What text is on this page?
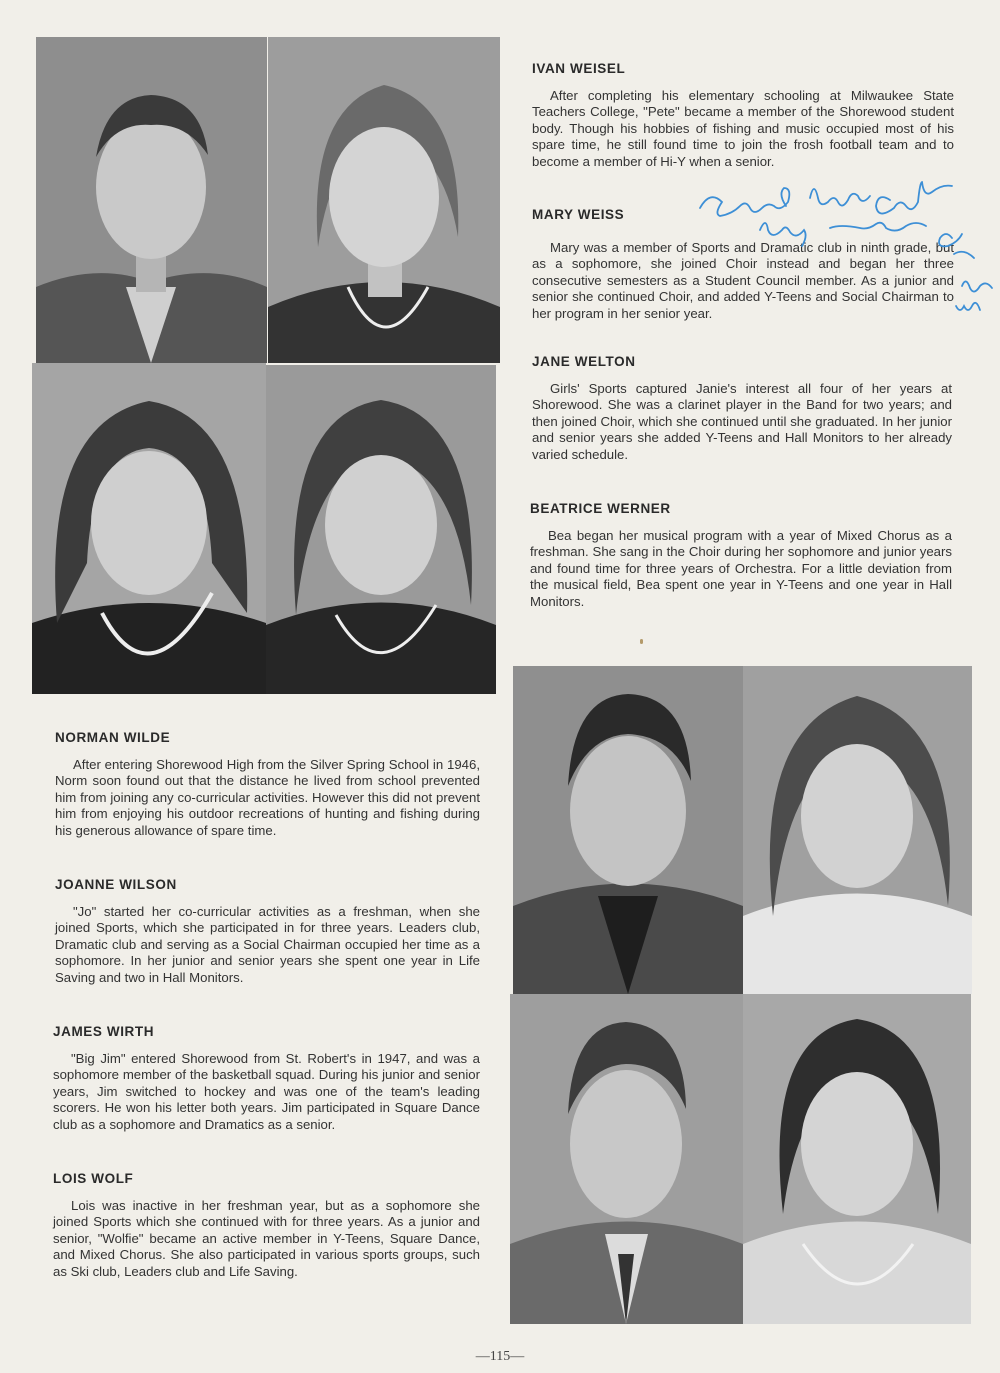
IVAN WEISEL

After completing his elementary schooling at Milwaukee State Teachers College, "Pete" became a member of the Shorewood student body. Though his hobbies of fishing and music occupied most of his spare time, he still found time to join the frosh football team and to become a member of Hi-Y when a senior.

MARY WEISS

Mary was a member of Sports and Dramatic club in ninth grade, but as a sophomore, she joined Choir instead and began her three consecutive semesters as a Student Council member. As a junior and senior she continued Choir, and added Y-Teens and Social Chairman to her program in her senior year.

JANE WELTON

Girls' Sports captured Janie's interest all four of her years at Shorewood. She was a clarinet player in the Band for two years; and then joined Choir, which she continued until she graduated. In her junior and senior years she added Y-Teens and Hall Monitors to her already varied schedule.

BEATRICE WERNER

Bea began her musical program with a year of Mixed Chorus as a freshman. She sang in the Choir during her sophomore and junior years and found time for three years of Orchestra. For a little deviation from the musical field, Bea spent one year in Y-Teens and one year in Hall Monitors.

NORMAN WILDE

After entering Shorewood High from the Silver Spring School in 1946, Norm soon found out that the distance he lived from school prevented him from joining any co-curricular activities. However this did not prevent him from enjoying his outdoor recreations of hunting and fishing during his generous allowance of spare time.

JOANNE WILSON

"Jo" started her co-curricular activities as a freshman, when she joined Sports, which she participated in for three years. Leaders club, Dramatic club and serving as a Social Chairman occupied her time as a sophomore. In her junior and senior years she spent one year in Life Saving and two in Hall Monitors.

JAMES WIRTH

"Big Jim" entered Shorewood from St. Robert's in 1947, and was a sophomore member of the basketball squad. During his junior and senior years, Jim switched to hockey and was one of the team's leading scorers. He won his letter both years. Jim participated in Square Dance club as a sophomore and Dramatics as a senior.

LOIS WOLF

Lois was inactive in her freshman year, but as a sophomore she joined Sports which she continued with for three years. As a junior and senior, "Wolfie" became an active member in Y-Teens, Square Dance, and Mixed Chorus. She also participated in various sports groups, such as Ski club, Leaders club and Life Saving.

—115—
